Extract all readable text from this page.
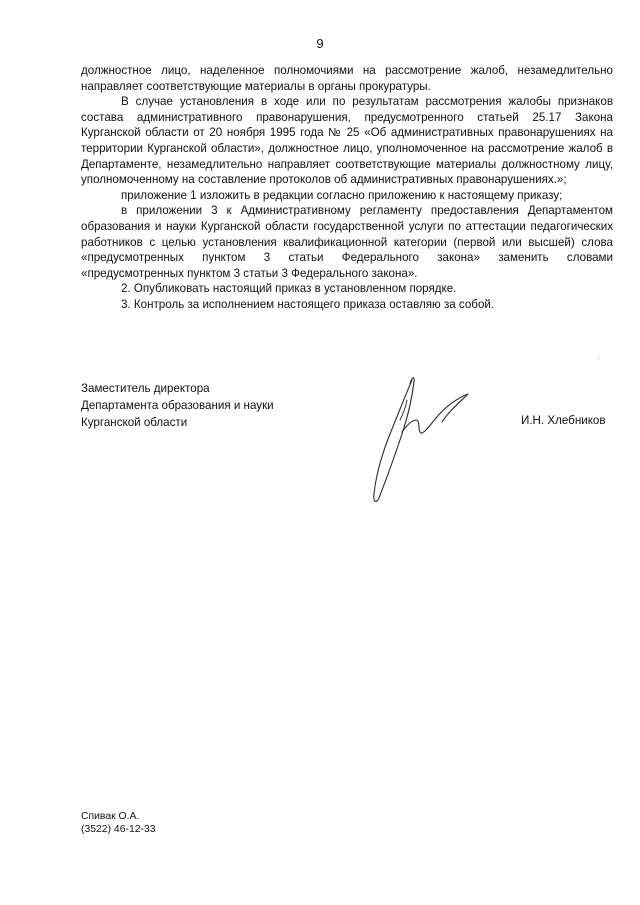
9

должностное лицо, наделенное полномочиями на рассмотрение жалоб, незамедлительно направляет соответствующие материалы в органы прокуратуры.

В случае установления в ходе или по результатам рассмотрения жалобы признаков состава административного правонарушения, предусмотренного статьей 25.17 Закона Курганской области от 20 ноября 1995 года № 25 «Об административных правонарушениях на территории Курганской области», должностное лицо, уполномоченное на рассмотрение жалоб в Департаменте, незамедлительно направляет соответствующие материалы должностному лицу, уполномоченному на составление протоколов об административных правонарушениях.»;

приложение 1 изложить в редакции согласно приложению к настоящему приказу;

в приложении 3 к Административному регламенту предоставления Департаментом образования и науки Курганской области государственной услуги по аттестации педагогических работников с целью установления квалификационной категории (первой или высшей) слова «предусмотренных пунктом 3 статьи Федерального закона» заменить словами «предусмотренных пунктом 3 статьи 3 Федерального закона».

2. Опубликовать настоящий приказ в установленном порядке.

3. Контроль за исполнением настоящего приказа оставляю за собой.

Заместитель директора
Департамента образования и науки
Курганской области	И.Н. Хлебников
Спивак О.А.
(3522) 46-12-33
